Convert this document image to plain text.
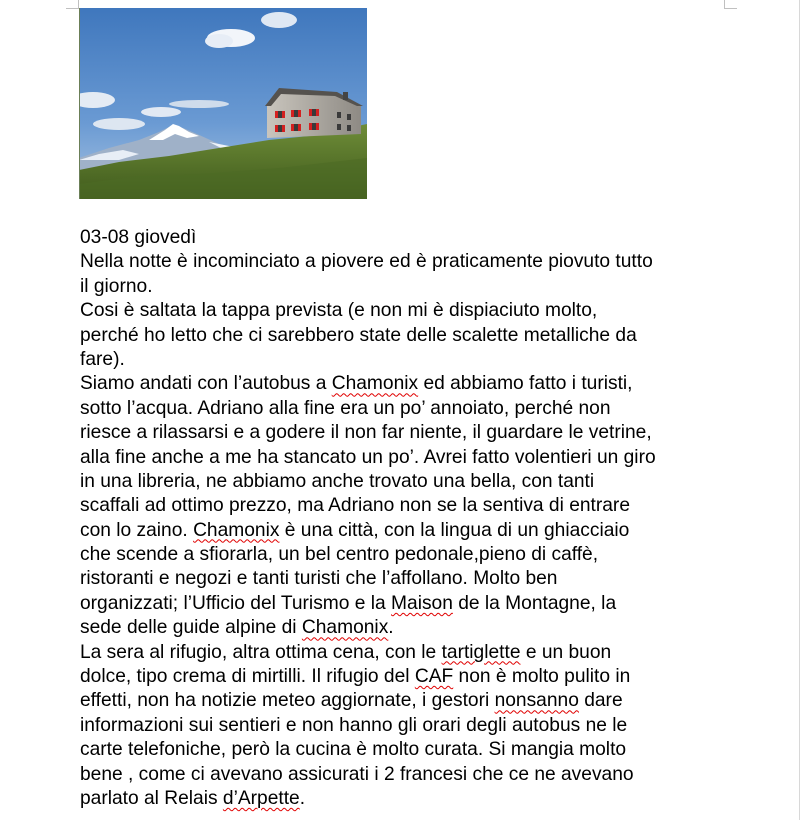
03-08 giovedì
Nella notte è incominciato a piovere ed è praticamente piovuto tutto
il giorno.
Cosi è saltata la tappa prevista (e non mi è dispiaciuto molto,
perché ho letto che ci sarebbero state delle scalette metalliche da
fare).
Siamo andati con l’autobus a Chamonix ed abbiamo fatto i turisti,
sotto l’acqua. Adriano alla fine era un po’ annoiato, perché non
riesce a rilassarsi e a godere il non far niente, il guardare le vetrine,
alla fine anche a me ha stancato un po’. Avrei fatto volentieri un giro
in una libreria, ne abbiamo anche trovato una bella, con tanti
scaffali ad ottimo prezzo, ma Adriano non se la sentiva di entrare
con lo zaino. Chamonix è una città, con la lingua di un ghiacciaio
che scende a sfiorarla, un bel centro pedonale,pieno di caffè,
ristoranti e negozi e tanti turisti che l’affollano. Molto ben
organizzati; l’Ufficio del Turismo e la Maison de la Montagne, la
sede delle guide alpine di Chamonix.
La sera al rifugio, altra ottima cena, con le tartiglette e un buon
dolce, tipo crema di mirtilli. Il rifugio del CAF non è molto pulito in
effetti, non ha notizie meteo aggiornate, i gestori nonsanno dare
informazioni sui sentieri e non hanno gli orari degli autobus ne le
carte telefoniche, però la cucina è molto curata. Si mangia molto
bene , come ci avevano assicurati i 2 francesi che ce ne avevano
parlato al Relais d’Arpette.
